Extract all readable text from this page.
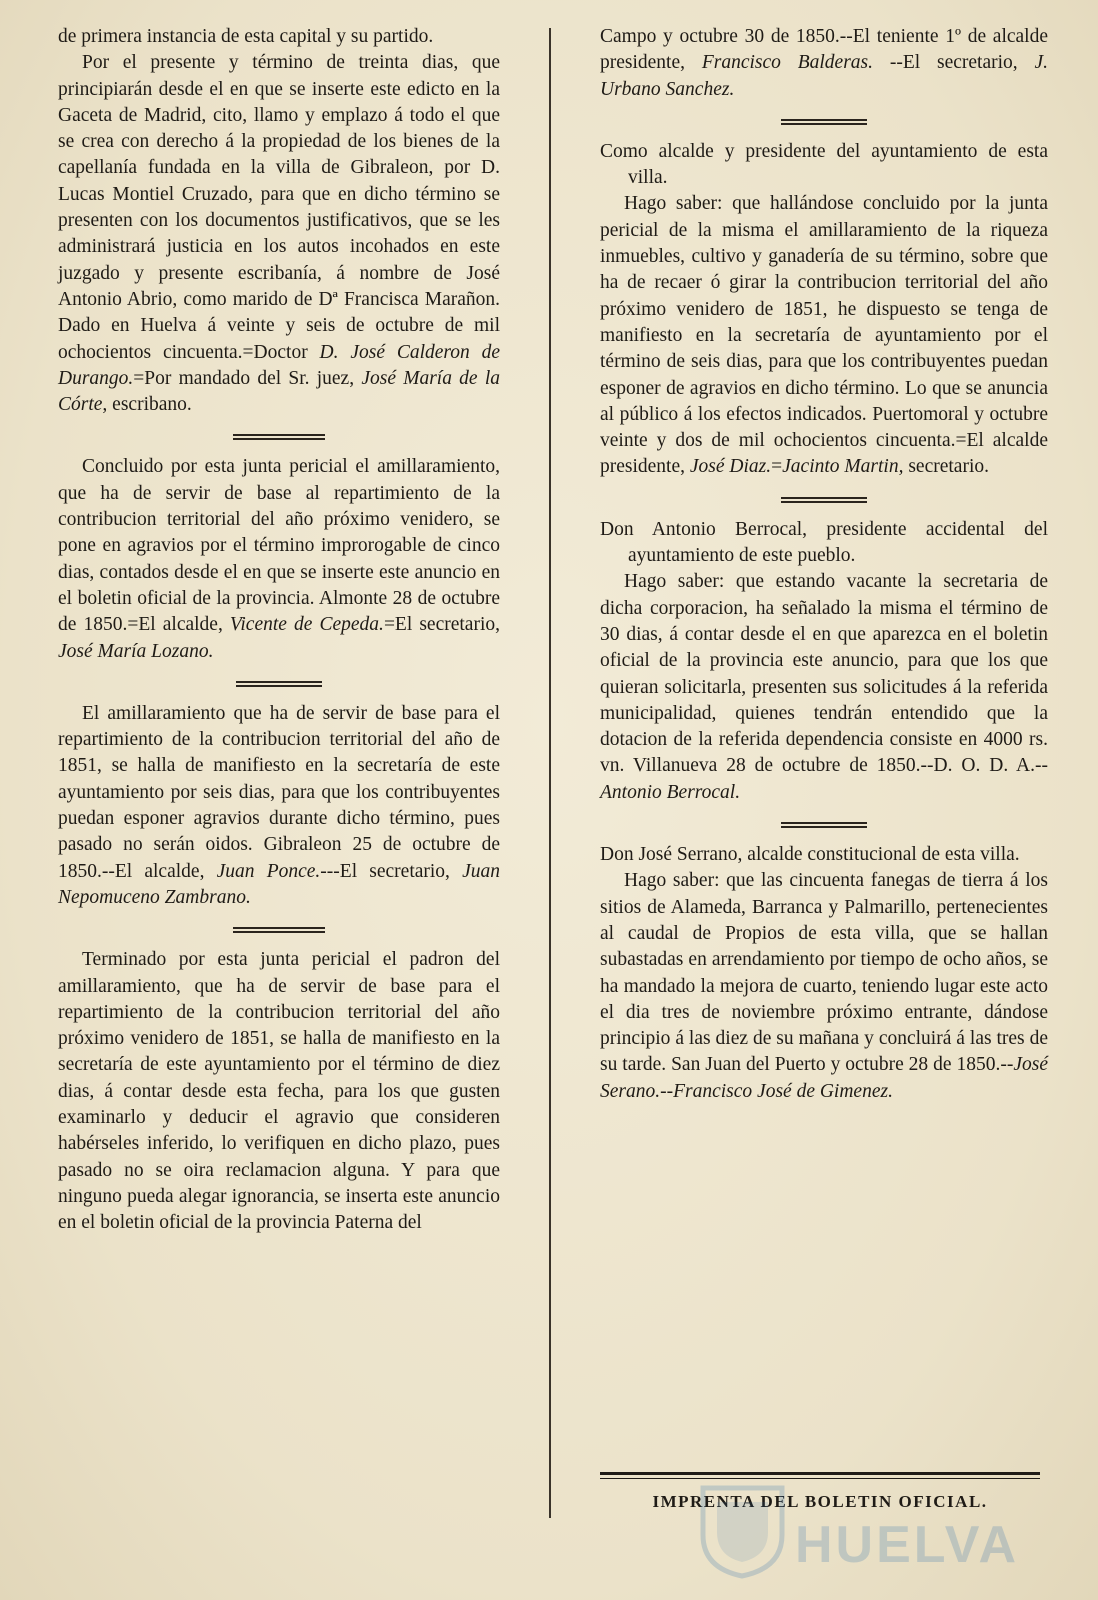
de primera instancia de esta capital y su partido.

Por el presente y término de treinta dias, que principiarán desde el en que se inserte este edicto en la Gaceta de Madrid, cito, llamo y emplazo á todo el que se crea con derecho á la propiedad de los bienes de la capellanía fundada en la villa de Gibraleon, por D. Lucas Montiel Cruzado, para que en dicho término se presenten con los documentos justificativos, que se les administrará justicia en los autos incohados en este juzgado y presente escribanía, á nombre de José Antonio Abrio, como marido de Dª Francisca Marañon. Dado en Huelva á veinte y seis de octubre de mil ochocientos cincuenta.=Doctor D. José Calderon de Durango.=Por mandado del Sr. juez, José María de la Córte, escribano.

Concluido por esta junta pericial el amillaramiento, que ha de servir de base al repartimiento de la contribucion territorial del año próximo venidero, se pone en agravios por el término improrogable de cinco dias, contados desde el en que se inserte este anuncio en el boletin oficial de la provincia. Almonte 28 de octubre de 1850.=El alcalde, Vicente de Cepeda.=El secretario, José María Lozano.

El amillaramiento que ha de servir de base para el repartimiento de la contribucion territorial del año de 1851, se halla de manifiesto en la secretaría de este ayuntamiento por seis dias, para que los contribuyentes puedan esponer agravios durante dicho término, pues pasado no serán oidos. Gibraleon 25 de octubre de 1850.--El alcalde, Juan Ponce.---El secretario, Juan Nepomuceno Zambrano.

Terminado por esta junta pericial el padron del amillaramiento, que ha de servir de base para el repartimiento de la contribucion territorial del año próximo venidero de 1851, se halla de manifiesto en la secretaría de este ayuntamiento por el término de diez dias, á contar desde esta fecha, para los que gusten examinarlo y deducir el agravio que consideren habérseles inferido, lo verifiquen en dicho plazo, pues pasado no se oira reclamacion alguna. Y para que ninguno pueda alegar ignorancia, se inserta este anuncio en el boletin oficial de la provincia Paterna del

Campo y octubre 30 de 1850.--El teniente 1º de alcalde presidente, Francisco Balderas. --El secretario, J. Urbano Sanchez.

Como alcalde y presidente del ayuntamiento de esta villa.

Hago saber: que hallándose concluido por la junta pericial de la misma el amillaramiento de la riqueza inmuebles, cultivo y ganadería de su término, sobre que ha de recaer ó girar la contribucion territorial del año próximo venidero de 1851, he dispuesto se tenga de manifiesto en la secretaría de ayuntamiento por el término de seis dias, para que los contribuyentes puedan esponer de agravios en dicho término. Lo que se anuncia al público á los efectos indicados. Puertomoral y octubre veinte y dos de mil ochocientos cincuenta.=El alcalde presidente, José Diaz.=Jacinto Martin, secretario.

Don Antonio Berrocal, presidente accidental del ayuntamiento de este pueblo.

Hago saber: que estando vacante la secretaria de dicha corporacion, ha señalado la misma el término de 30 dias, á contar desde el en que aparezca en el boletin oficial de la provincia este anuncio, para que los que quieran solicitarla, presenten sus solicitudes á la referida municipalidad, quienes tendrán entendido que la dotacion de la referida dependencia consiste en 4000 rs. vn. Villanueva 28 de octubre de 1850.--D. O. D. A.-- Antonio Berrocal.

Don José Serrano, alcalde constitucional de esta villa.

Hago saber: que las cincuenta fanegas de tierra á los sitios de Alameda, Barranca y Palmarillo, pertenecientes al caudal de Propios de esta villa, que se hallan subastadas en arrendamiento por tiempo de ocho años, se ha mandado la mejora de cuarto, teniendo lugar este acto el dia tres de noviembre próximo entrante, dándose principio á las diez de su mañana y concluirá á las tres de su tarde. San Juan del Puerto y octubre 28 de 1850.--José Serano.--Francisco José de Gimenez.

IMPRENTA DEL BOLETIN OFICIAL.
HUELVA
